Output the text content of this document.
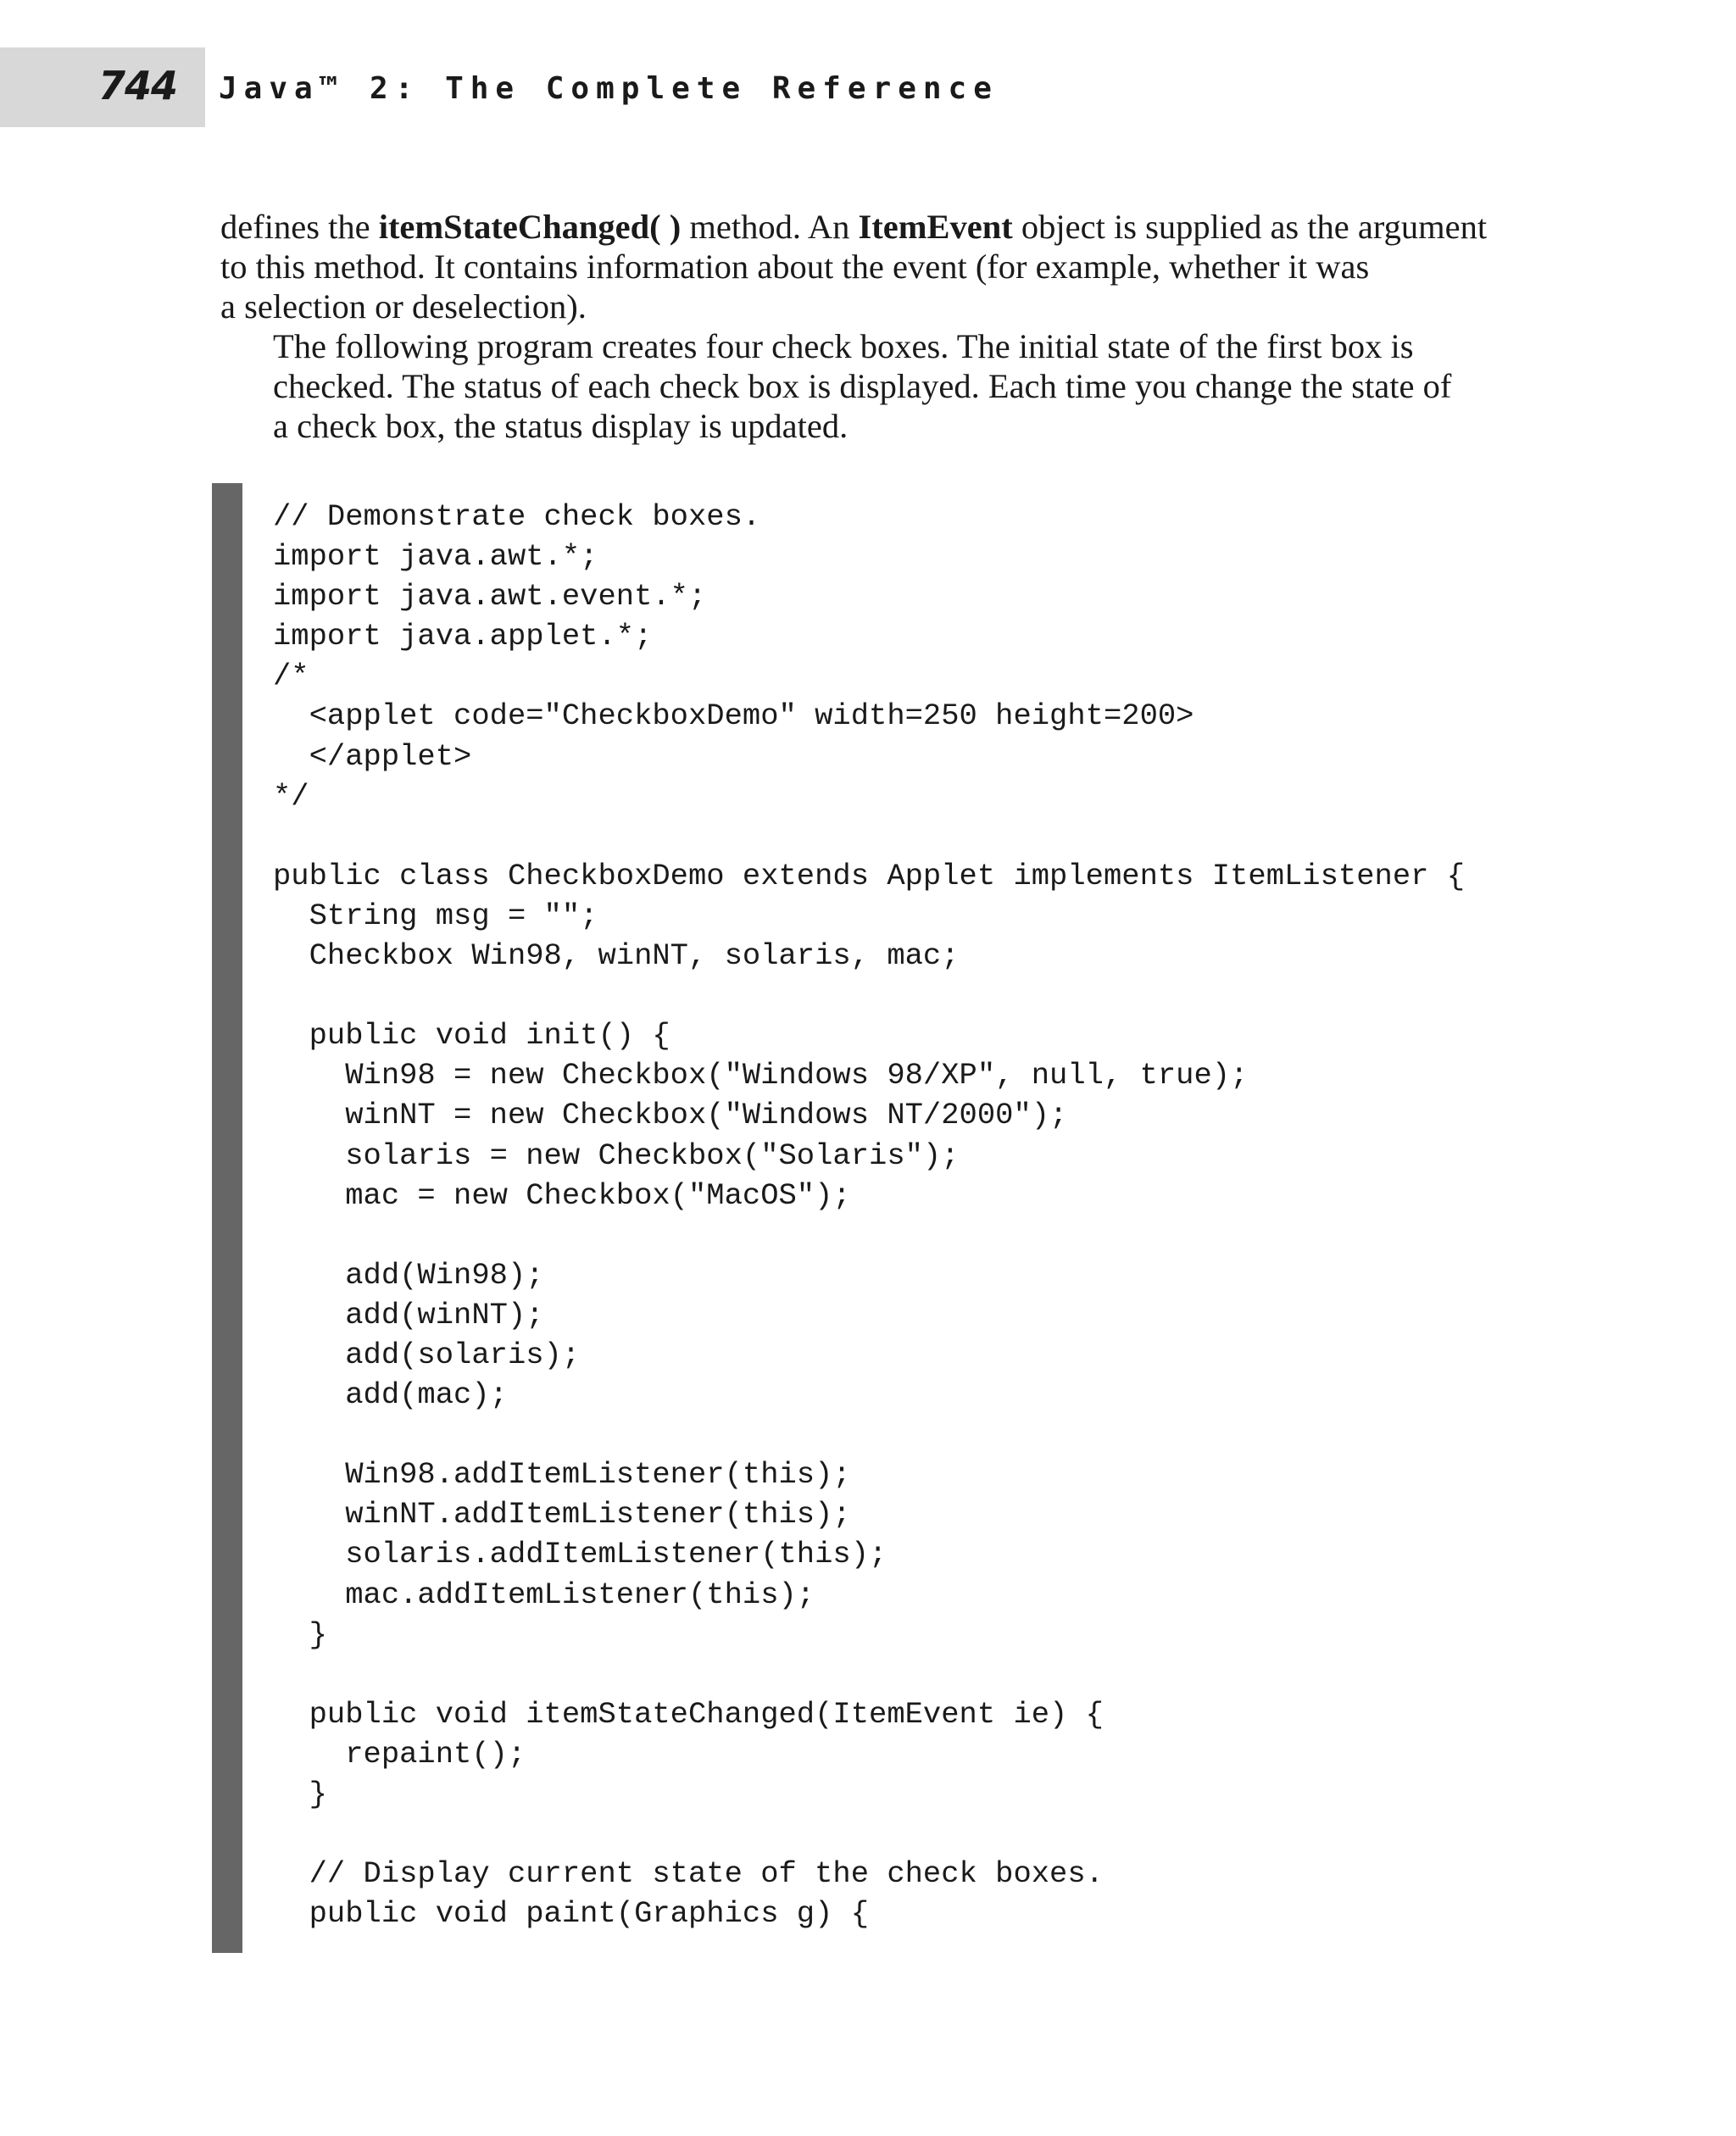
744 Java™ 2: The Complete Reference

defines the itemStateChanged( ) method. An ItemEvent object is supplied as the argument
to this method. It contains information about the event (for example, whether it was
a selection or deselection).

The following program creates four check boxes. The initial state of the first box is
checked. The status of each check box is displayed. Each time you change the state of
a check box, the status display is updated.

// Demonstrate check boxes.
import java.awt.*;
import java.awt.event.*;
import java.applet.*;
/*
<applet code="CheckboxDemo" width=250 height=200>
</applet>
*/
public class CheckboxDemo extends Applet implements ItemListener {
String msg = "";
Checkbox Win98, winNT, solaris, mac;
public void init() {
Win98 = new Checkbox("Windows 98/XP", null, true);
winNT = new Checkbox("Windows NT/2000");
solaris = new Checkbox("Solaris");
mac = new Checkbox("MacOS");
add(Win98);
add(winNT);
add(solaris);
add(mac);
Win98.addItemListener(this);
winNT.addItemListener(this);
solaris.addItemListener(this);
mac.addItemListener(this);
}
public void itemStateChanged(ItemEvent ie) {
repaint();
}
// Display current state of the check boxes.
public void paint(Graphics g) {
